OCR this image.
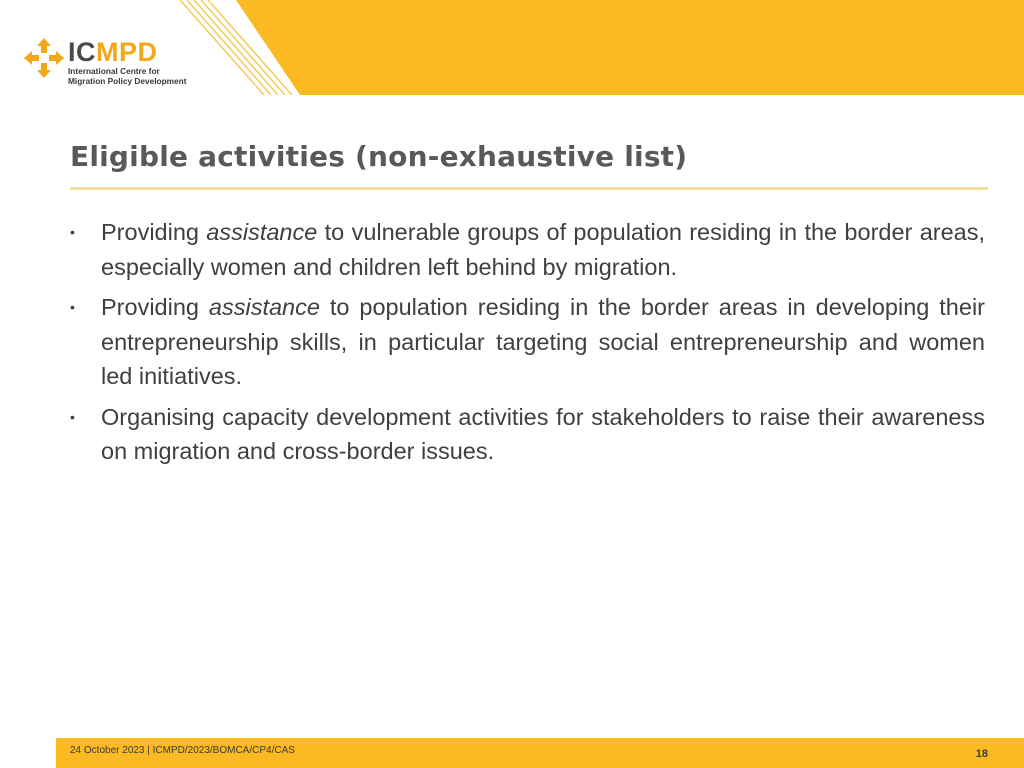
ICMPD
International Centre for
Migration Policy Development
Eligible activities (non-exhaustive list)
• Providing assistance to vulnerable groups of population residing in the border areas, especially women and children left behind by migration.
• Providing assistance to population residing in the border areas in developing their entrepreneurship skills, in particular targeting social entrepreneurship and women led initiatives.
• Organising capacity development activities for stakeholders to raise their awareness on migration and cross-border issues.
24 October 2023 | ICMPD/2023/BOMCA/CP4/CAS	18
